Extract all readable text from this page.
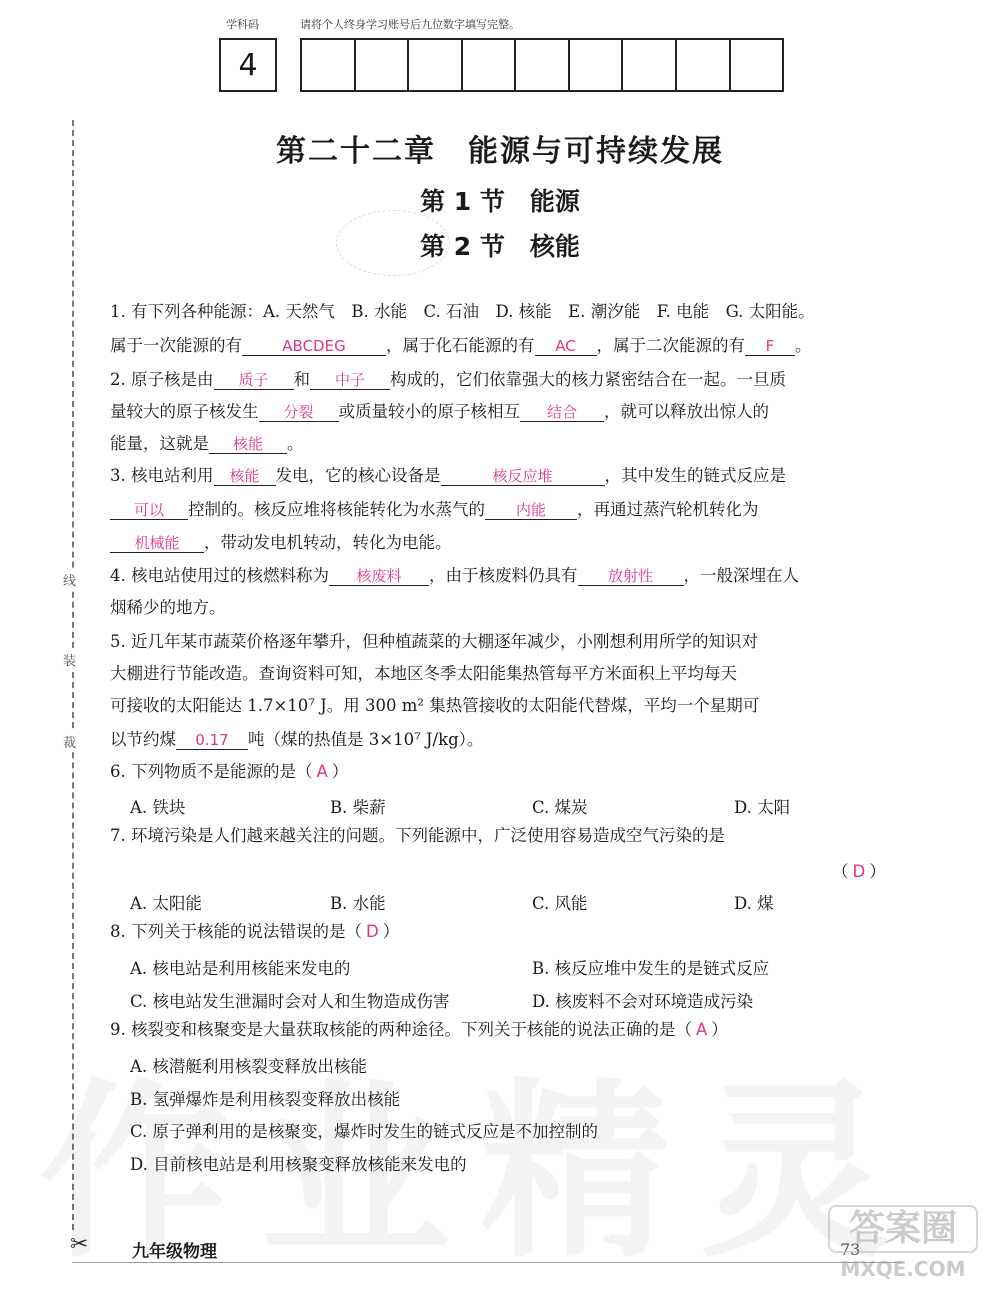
学科码	请将个人终身学习账号后九位数字填写完整。
4
线
装
裁
第二十二章　能源与可持续发展
第 1 节　能源
第 2 节　核能
1. 有下列各种能源：A. 天然气　B. 水能　C. 石油　D. 核能　E. 潮汐能　F. 电能　G. 太阳能。
属于一次能源的有	ABCDEG ，属于化石能源的有 AC ，属于二次能源的有 F 。
2. 原子核是由 质子 和 中子 构成的，它们依靠强大的核力紧密结合在一起。一旦质
量较大的原子核发生 分裂 或质量较小的原子核相互 结合 ，就可以释放出惊人的
能量，这就是 核能 。
3. 核电站利用 核能 发电，它的核心设备是	核反应堆	，其中发生的链式反应是
可以 控制的。核反应堆将核能转化为水蒸气的 内能 ，再通过蒸汽轮机转化为
机械能 ，带动发电机转动，转化为电能。
4. 核电站使用过的核燃料称为 核废料 ，由于核废料仍具有 放射性 ，一般深埋在人
烟稀少的地方。
5. 近几年某市蔬菜价格逐年攀升，但种植蔬菜的大棚逐年减少，小刚想利用所学的知识对
大棚进行节能改造。查询资料可知，本地区冬季太阳能集热管每平方米面积上平均每天
可接收的太阳能达 1.7×10⁷ J。用 300 m² 集热管接收的太阳能代替煤，平均一个星期可
以节约煤 0.17 吨（煤的热值是 3×10⁷ J/kg）。
6. 下列物质不是能源的是（ A ）
A. 铁块	B. 柴薪	C. 煤炭	D. 太阳
7. 环境污染是人们越来越关注的问题。下列能源中，广泛使用容易造成空气污染的是
（ D ）
A. 太阳能	B. 水能	C. 风能	D. 煤
8. 下列关于核能的说法错误的是（ D ）
A. 核电站是利用核能来发电的	B. 核反应堆中发生的是链式反应
C. 核电站发生泄漏时会对人和生物造成伤害	D. 核废料不会对环境造成污染
9. 核裂变和核聚变是大量获取核能的两种途径。下列关于核能的说法正确的是（ A ）
A. 核潜艇利用核裂变释放出核能
B. 氢弹爆炸是利用核裂变释放出核能
C. 原子弹利用的是核聚变，爆炸时发生的链式反应是不加控制的
D. 目前核电站是利用核聚变释放核能来发电的
✂	九年级物理	73
答案圈
MXQE.COM
